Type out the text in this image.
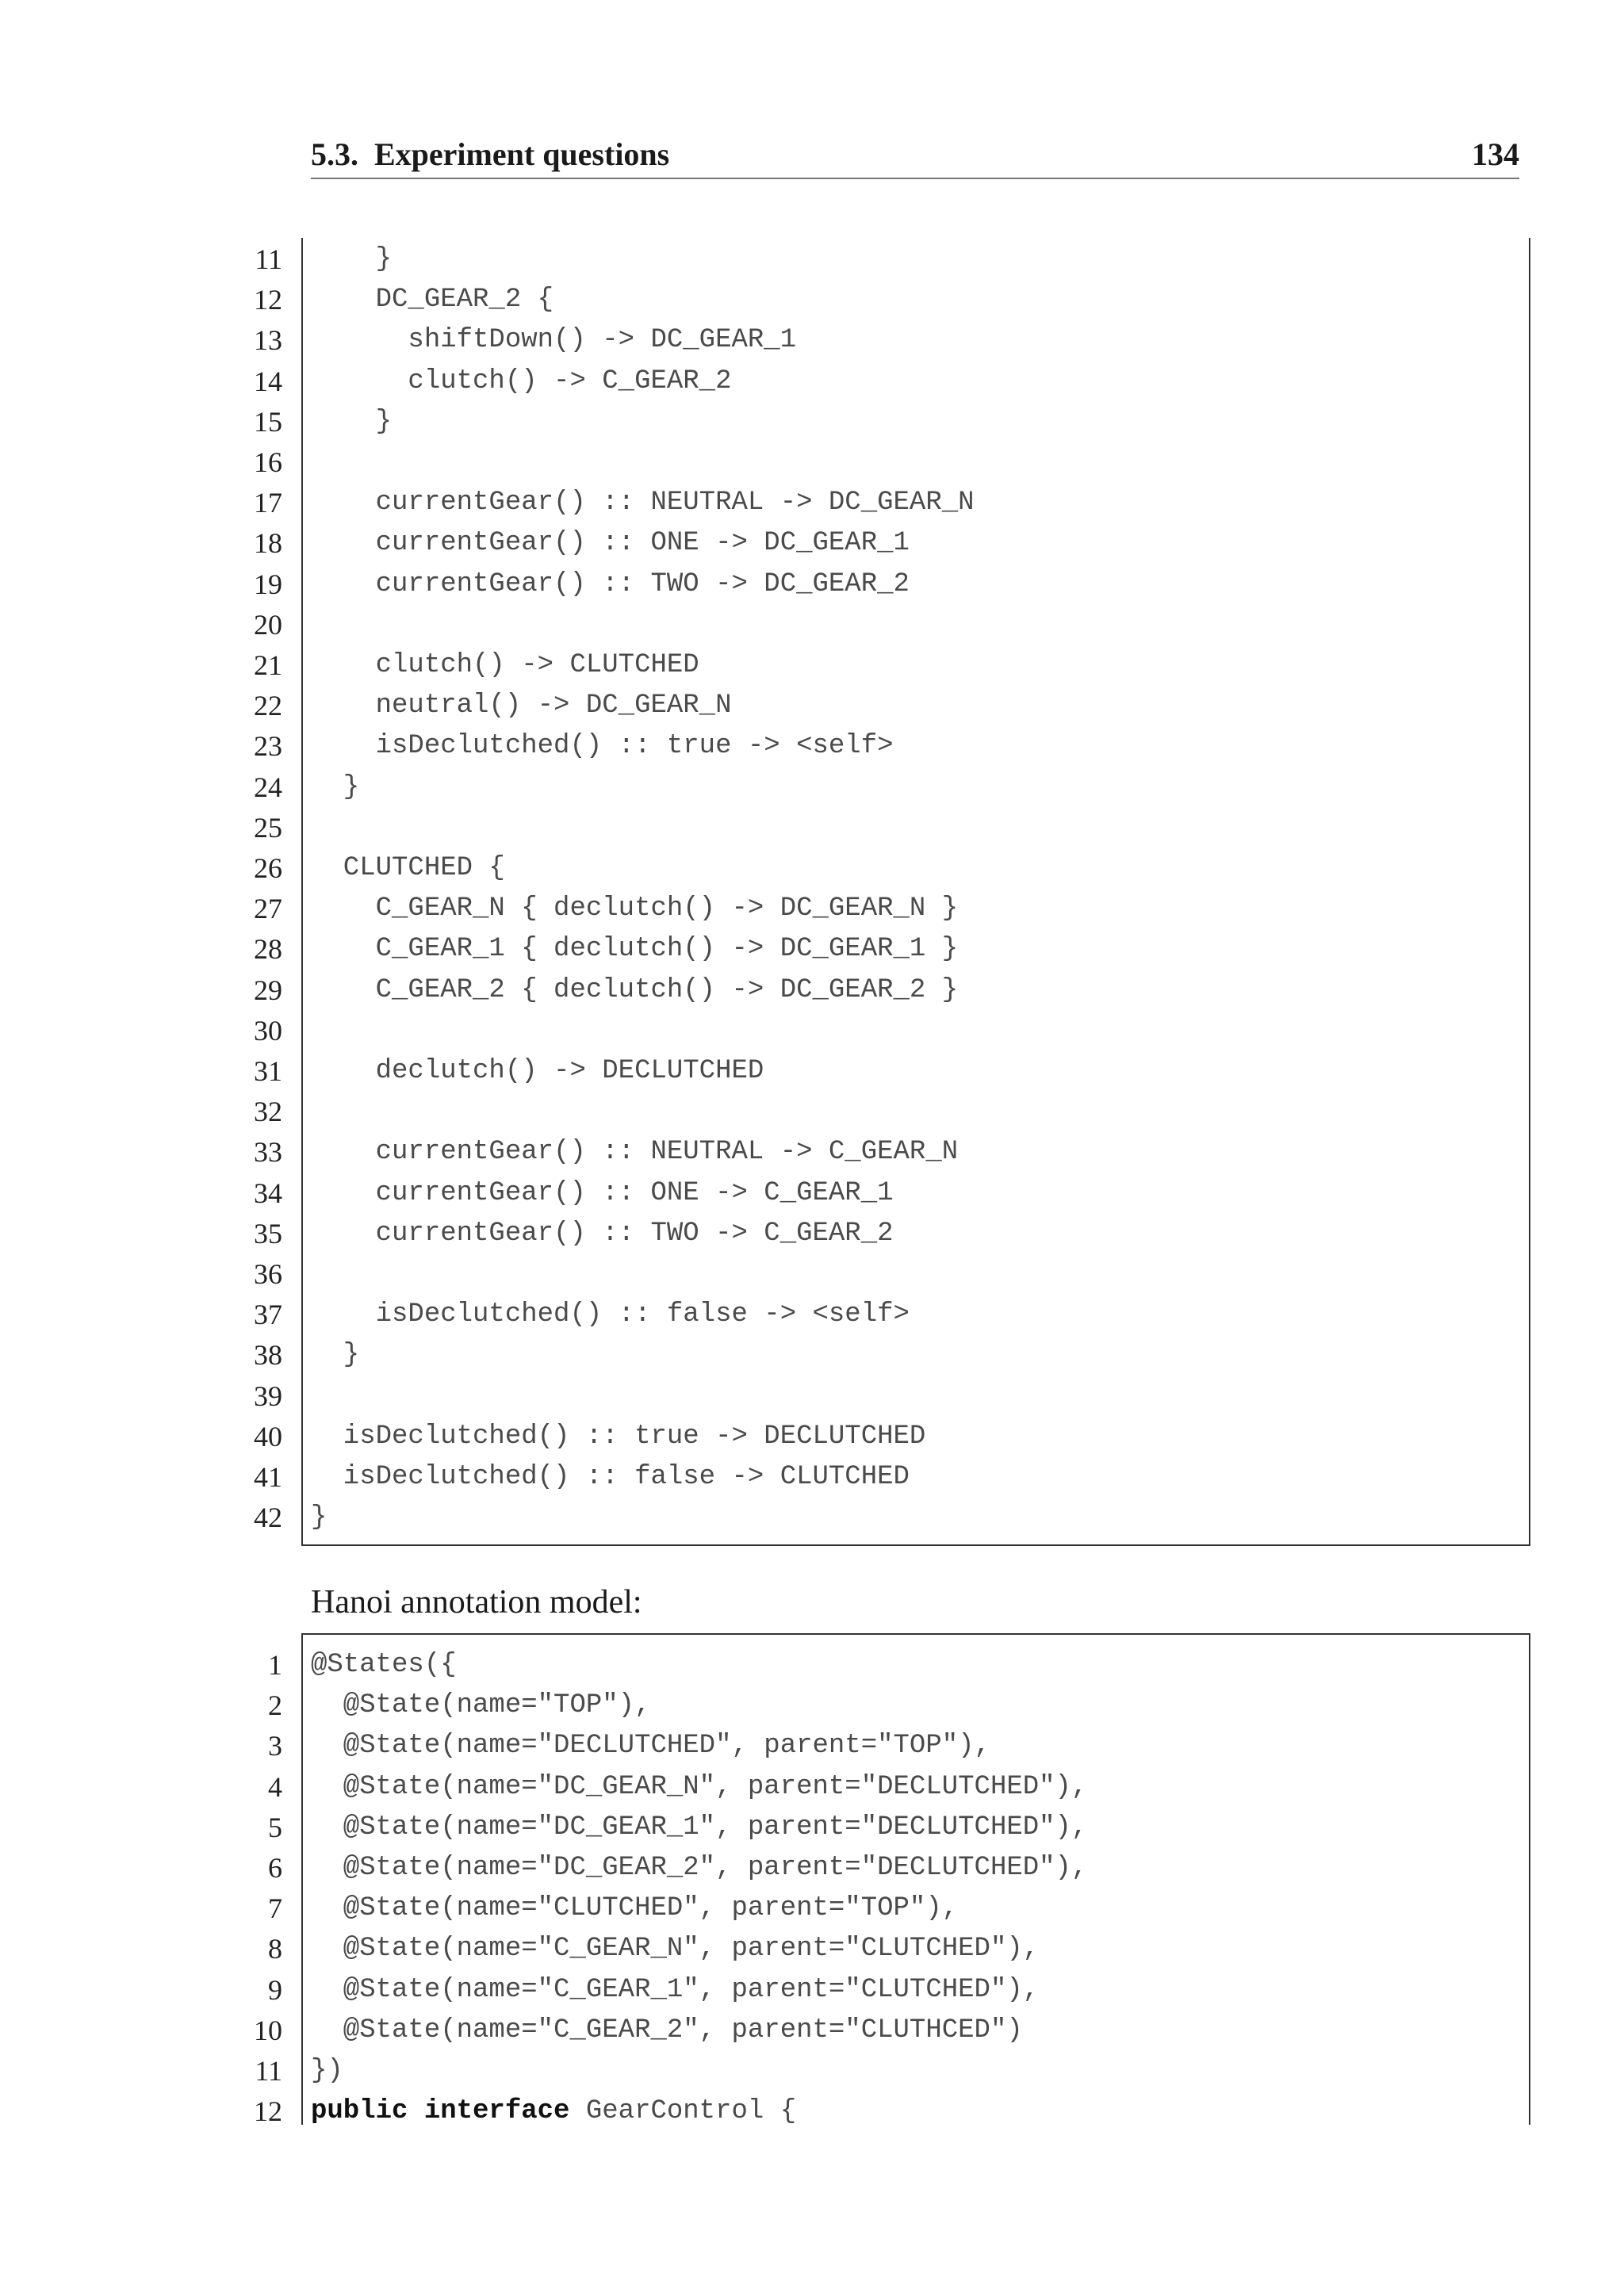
5.3.  Experiment questions	134
11 }
12 DC_GEAR_2 {
13 shiftDown() -> DC_GEAR_1
14 clutch() -> C_GEAR_2
15 }
16
17 currentGear() :: NEUTRAL -> DC_GEAR_N
18 currentGear() :: ONE -> DC_GEAR_1
19 currentGear() :: TWO -> DC_GEAR_2
20
21 clutch() -> CLUTCHED
22 neutral() -> DC_GEAR_N
23 isDeclutched() :: true -> <self>
24 }
25
26 CLUTCHED {
27 C_GEAR_N { declutch() -> DC_GEAR_N }
28 C_GEAR_1 { declutch() -> DC_GEAR_1 }
29 C_GEAR_2 { declutch() -> DC_GEAR_2 }
30
31 declutch() -> DECLUTCHED
32
33 currentGear() :: NEUTRAL -> C_GEAR_N
34 currentGear() :: ONE -> C_GEAR_1
35 currentGear() :: TWO -> C_GEAR_2
36
37 isDeclutched() :: false -> <self>
38 }
39
40 isDeclutched() :: true -> DECLUTCHED
41 isDeclutched() :: false -> CLUTCHED
42 }
Hanoi annotation model:
1 @States({
2 @State(name="TOP"),
3 @State(name="DECLUTCHED", parent="TOP"),
4 @State(name="DC_GEAR_N", parent="DECLUTCHED"),
5 @State(name="DC_GEAR_1", parent="DECLUTCHED"),
6 @State(name="DC_GEAR_2", parent="DECLUTCHED"),
7 @State(name="CLUTCHED", parent="TOP"),
8 @State(name="C_GEAR_N", parent="CLUTCHED"),
9 @State(name="C_GEAR_1", parent="CLUTCHED"),
10 @State(name="C_GEAR_2", parent="CLUTHCED")
11 })
12 public interface GearControl {
